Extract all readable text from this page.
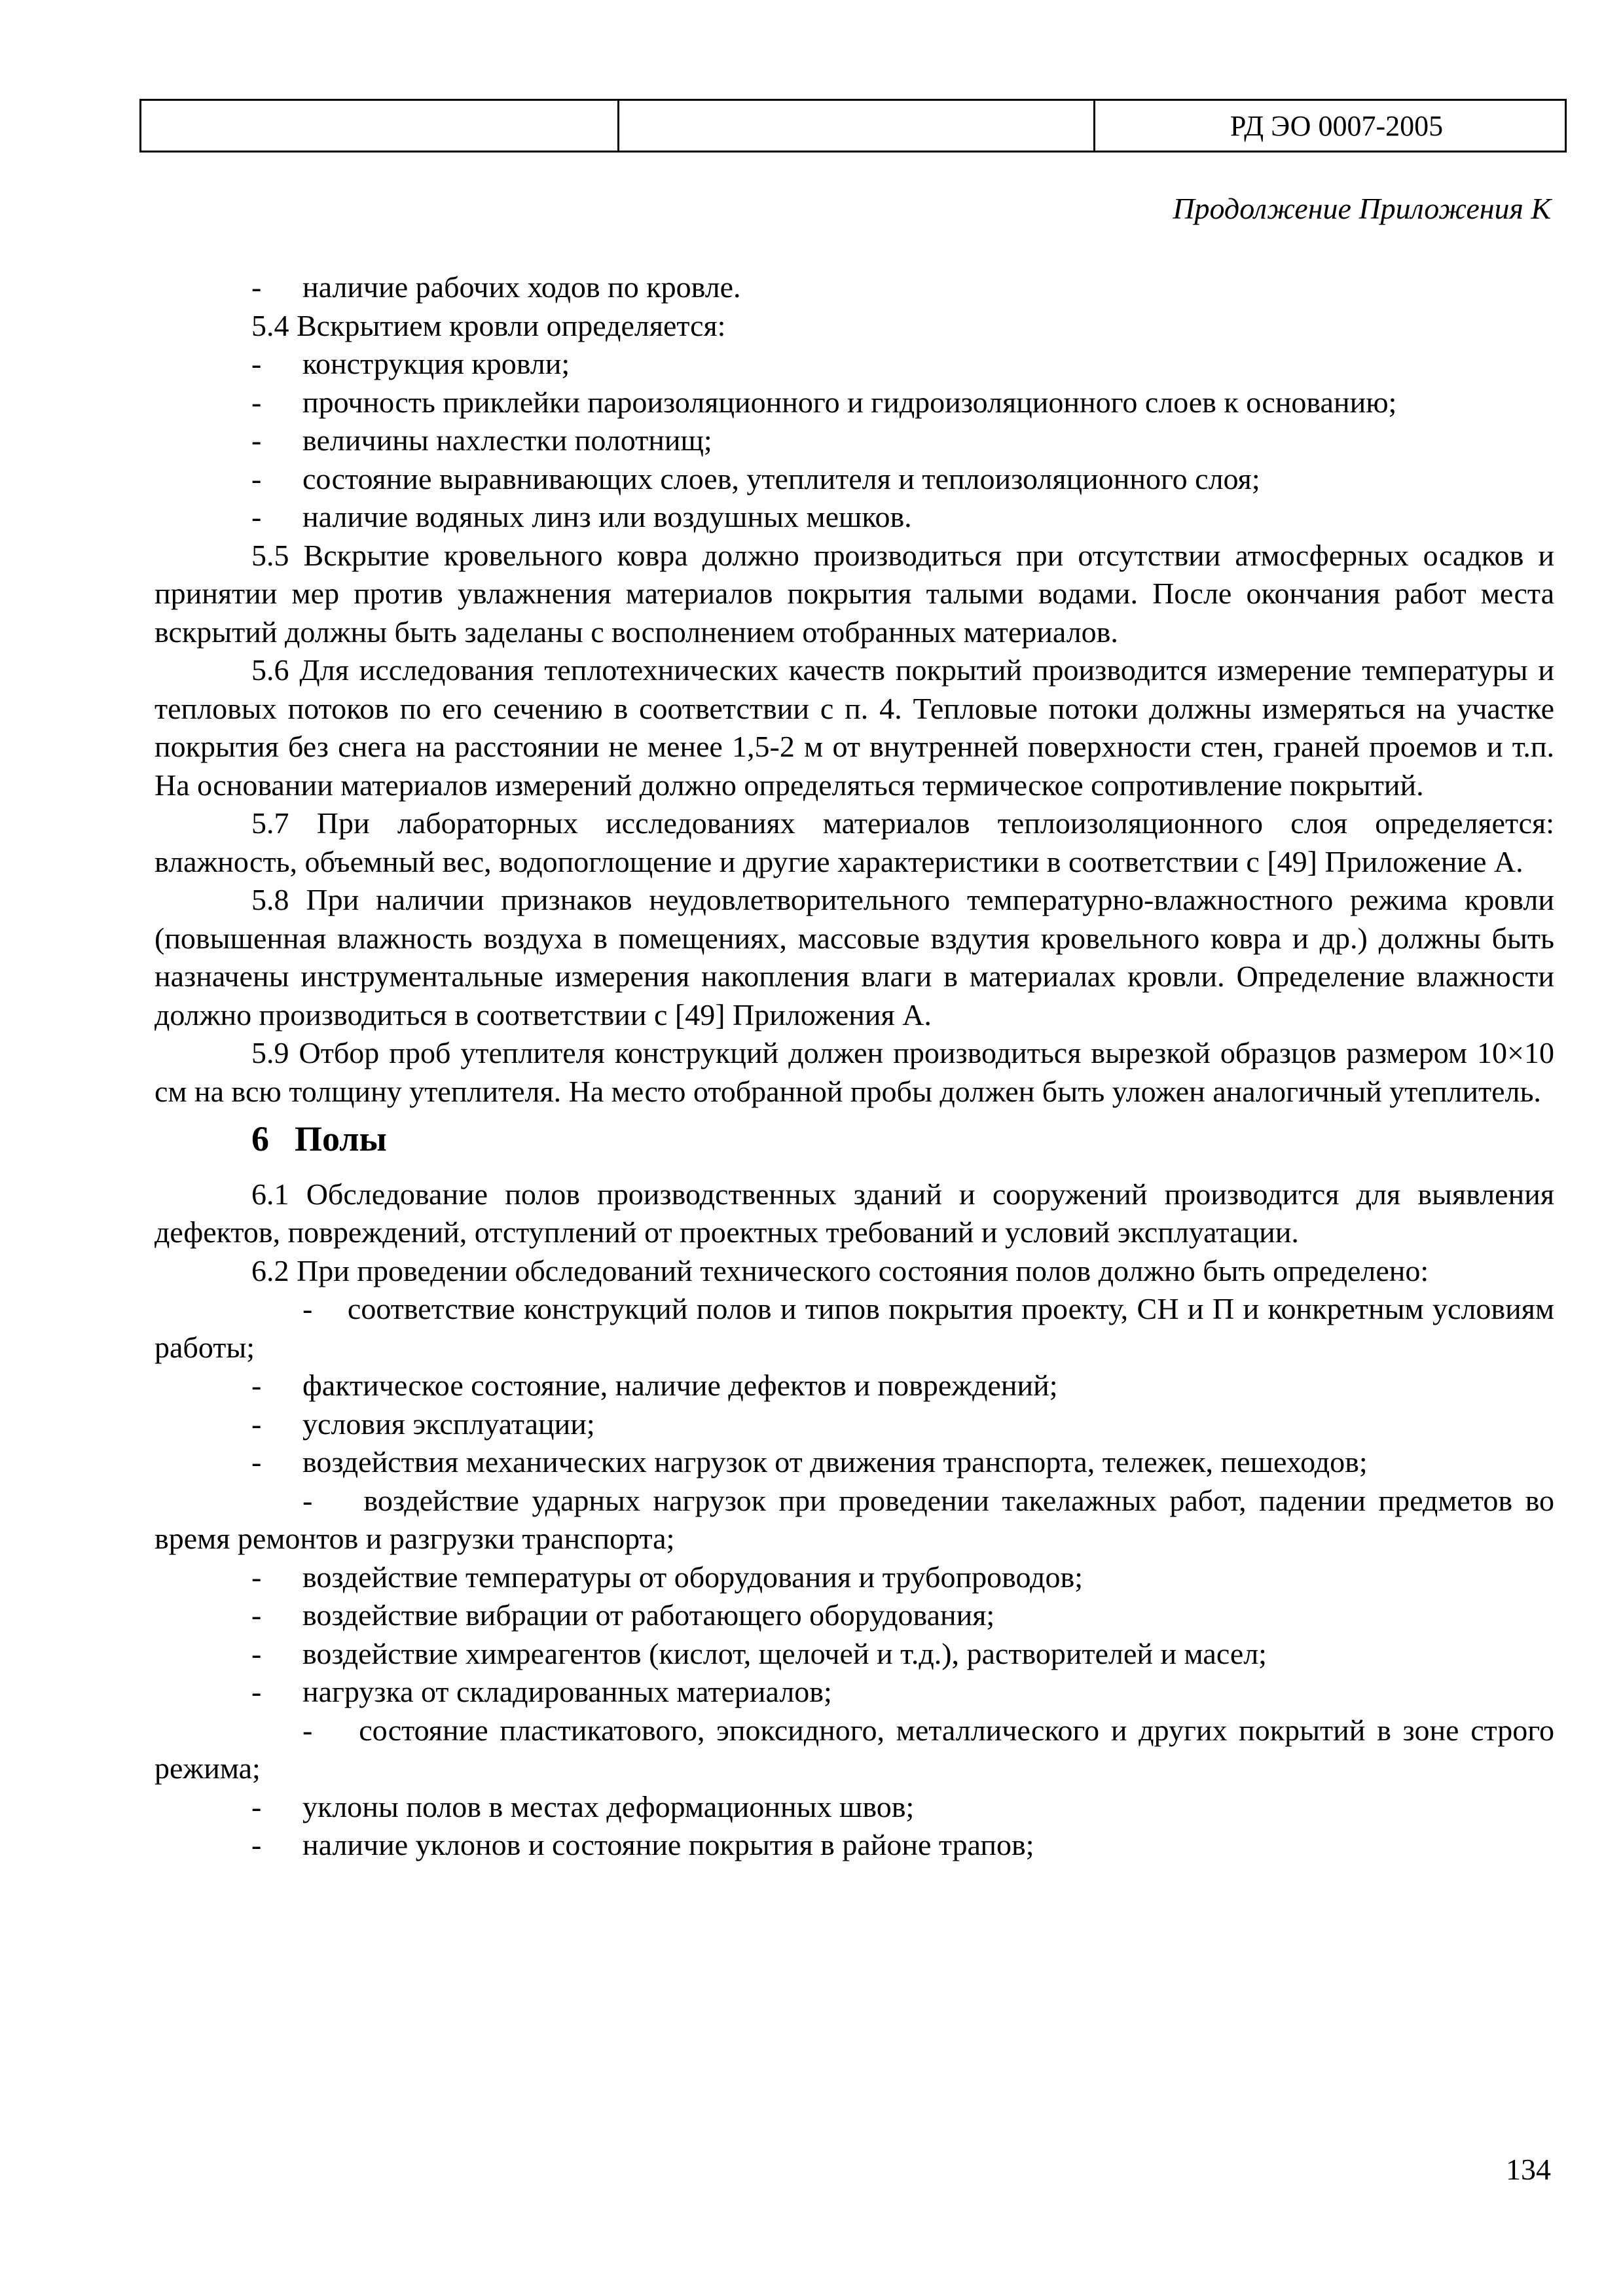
РД ЭО 0007-2005
Продолжение Приложения К

- наличие рабочих ходов по кровле.

5.4 Вскрытием кровли определяется:

- конструкция кровли;

- прочность приклейки пароизоляционного и гидроизоляционного слоев к основанию;

- величины нахлестки полотнищ;

- состояние выравнивающих слоев, утеплителя и теплоизоляционного слоя;

- наличие водяных линз или воздушных мешков.

5.5 Вскрытие кровельного ковра должно производиться при отсутствии атмосферных осадков и принятии мер против увлажнения материалов покрытия талыми водами. После окончания работ места вскрытий должны быть заделаны с восполнением отобранных материалов.

5.6 Для исследования теплотехнических качеств покрытий производится измерение температуры и тепловых потоков по его сечению в соответствии с п. 4. Тепловые потоки должны измеряться на участке покрытия без снега на расстоянии не менее 1,5-2 м от внутренней поверхности стен, граней проемов и т.п. На основании материалов измерений должно определяться термическое сопротивление покрытий.

5.7 При лабораторных исследованиях материалов теплоизоляционного слоя определяется: влажность, объемный вес, водопоглощение и другие характеристики в соответствии с [49] Приложение А.

5.8 При наличии признаков неудовлетворительного температурно-влажностного режима кровли (повышенная влажность воздуха в помещениях, массовые вздутия кровельного ковра и др.) должны быть назначены инструментальные измерения накопления влаги в материалах кровли. Определение влажности должно производиться в соответствии с [49] Приложения А.

5.9 Отбор проб утеплителя конструкций должен производиться вырезкой образцов размером 10×10 см на всю толщину утеплителя. На место отобранной пробы должен быть уложен аналогичный утеплитель.

6 Полы

6.1 Обследование полов производственных зданий и сооружений производится для выявления дефектов, повреждений, отступлений от проектных требований и условий эксплуатации.

6.2 При проведении обследований технического состояния полов должно быть определено:

- соответствие конструкций полов и типов покрытия проекту, СН и П и конкретным условиям работы;

- фактическое состояние, наличие дефектов и повреждений;

- условия эксплуатации;

- воздействия механических нагрузок от движения транспорта, тележек, пешеходов;

- воздействие ударных нагрузок при проведении такелажных работ, падении предметов во время ремонтов и разгрузки транспорта;

- воздействие температуры от оборудования и трубопроводов;

- воздействие вибрации от работающего оборудования;

- воздействие химреагентов (кислот, щелочей и т.д.), растворителей и масел;

- нагрузка от складированных материалов;

- состояние пластикатового, эпоксидного, металлического и других покрытий в зоне строго режима;

- уклоны полов в местах деформационных швов;

- наличие уклонов и состояние покрытия в районе трапов;

134
